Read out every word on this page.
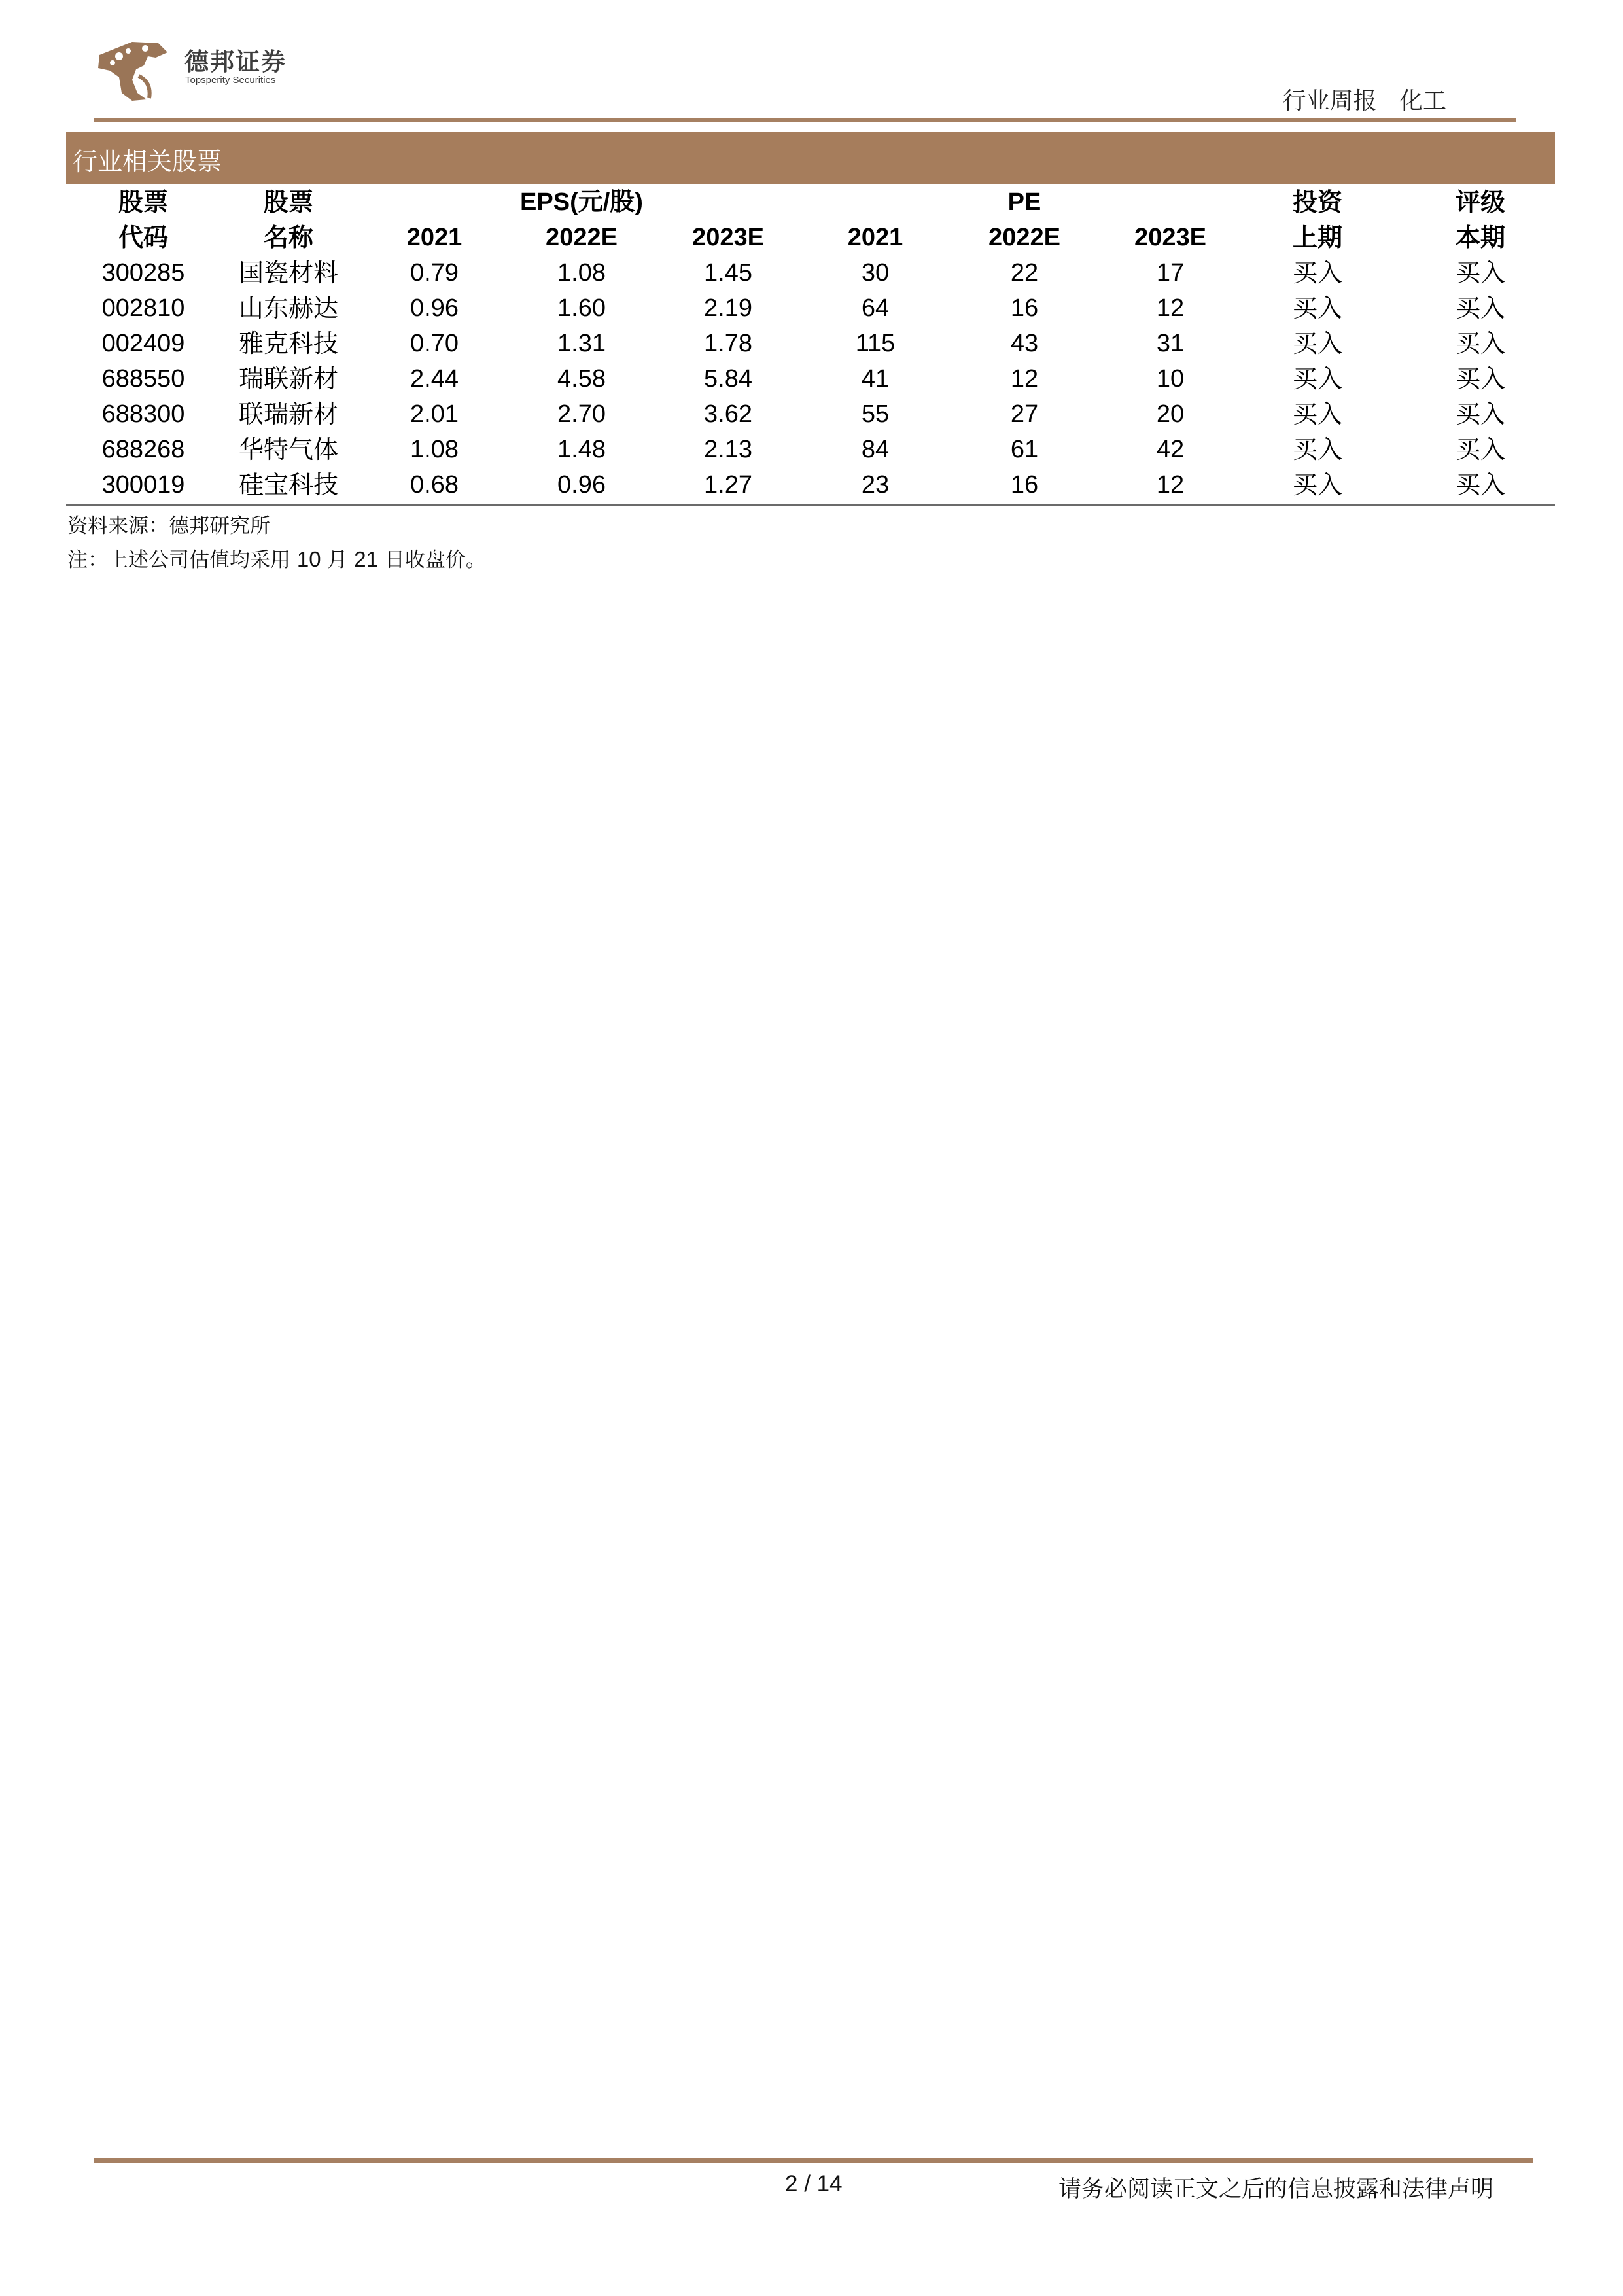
德邦证券
Topsperity Securities
行业周报   化工
行业相关股票
股票	股票	EPS(元/股)	PE	投资	评级
代码	名称	2021	2022E	2023E	2021	2022E	2023E	上期	本期
300285 国瓷材料	0.79	1.08	1.45	30	22	17	买入	买入
002810 山东赫达	0.96	1.60	2.19	64	16	12	买入	买入
002409 雅克科技	0.70	1.31	1.78	115	43	31	买入	买入
688550 瑞联新材	2.44	4.58	5.84	41	12	10	买入	买入
688300 联瑞新材	2.01	2.70	3.62	55	27	20	买入	买入
688268 华特气体	1.08	1.48	2.13	84	61	42	买入	买入
300019 硅宝科技	0.68	0.96	1.27	23	16	12	买入	买入
资料来源：德邦研究所
注：上述公司估值均采用 10 月 21 日收盘价。
2 / 14	请务必阅读正文之后的信息披露和法律声明
